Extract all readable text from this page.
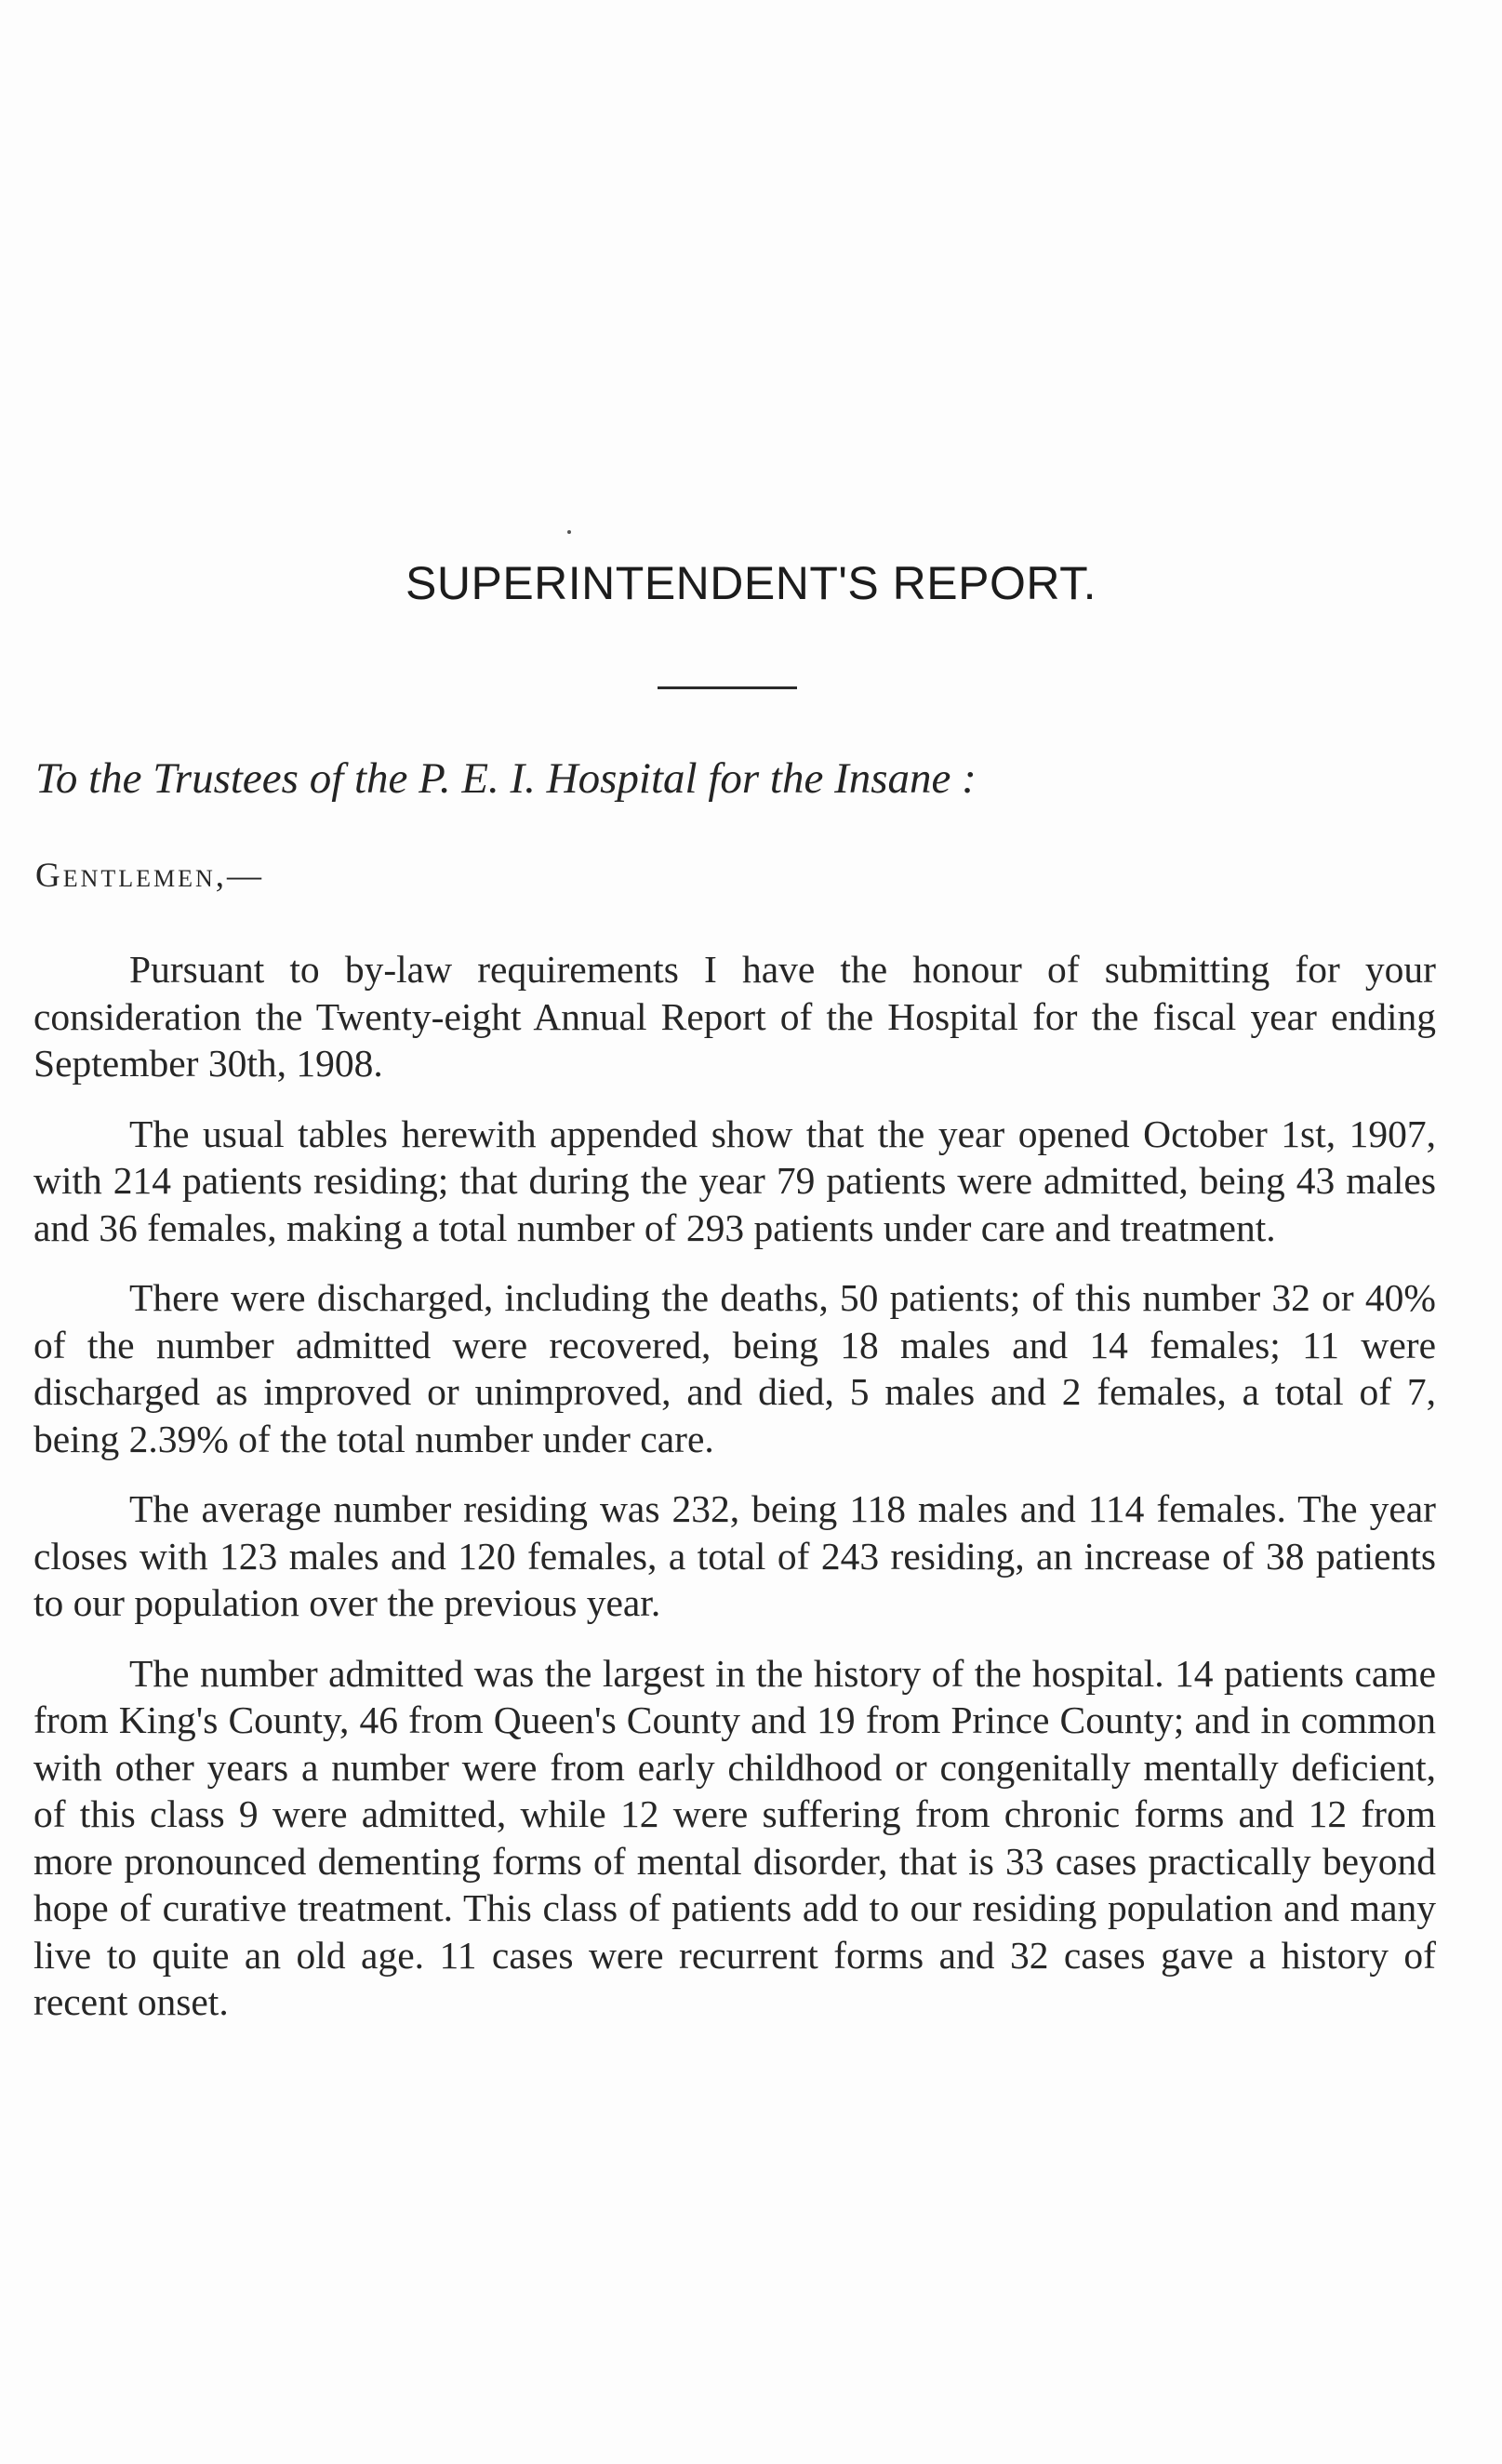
SUPERINTENDENT'S REPORT.
To the Trustees of the P. E. I. Hospital for the Insane :
Gentlemen,—

Pursuant to by-law requirements I have the honour of submitting for your consideration the Twenty-eight Annual Report of the Hospital for the fiscal year ending September 30th, 1908.

The usual tables herewith appended show that the year opened October 1st, 1907, with 214 patients residing; that during the year 79 patients were admitted, being 43 males and 36 females, making a total number of 293 patients under care and treatment.

There were discharged, including the deaths, 50 patients; of this number 32 or 40% of the number admitted were recovered, being 18 males and 14 females; 11 were discharged as improved or unimproved, and died, 5 males and 2 females, a total of 7, being 2.39% of the total number under care.

The average number residing was 232, being 118 males and 114 females. The year closes with 123 males and 120 females, a total of 243 residing, an increase of 38 patients to our population over the previous year.

The number admitted was the largest in the history of the hospital. 14 patients came from King's County, 46 from Queen's County and 19 from Prince County; and in common with other years a number were from early childhood or congenitally mentally deficient, of this class 9 were admitted, while 12 were suffering from chronic forms and 12 from more pronounced dementing forms of mental disorder, that is 33 cases practically beyond hope of curative treatment. This class of patients add to our residing population and many live to quite an old age. 11 cases were recurrent forms and 32 cases gave a history of recent onset.
